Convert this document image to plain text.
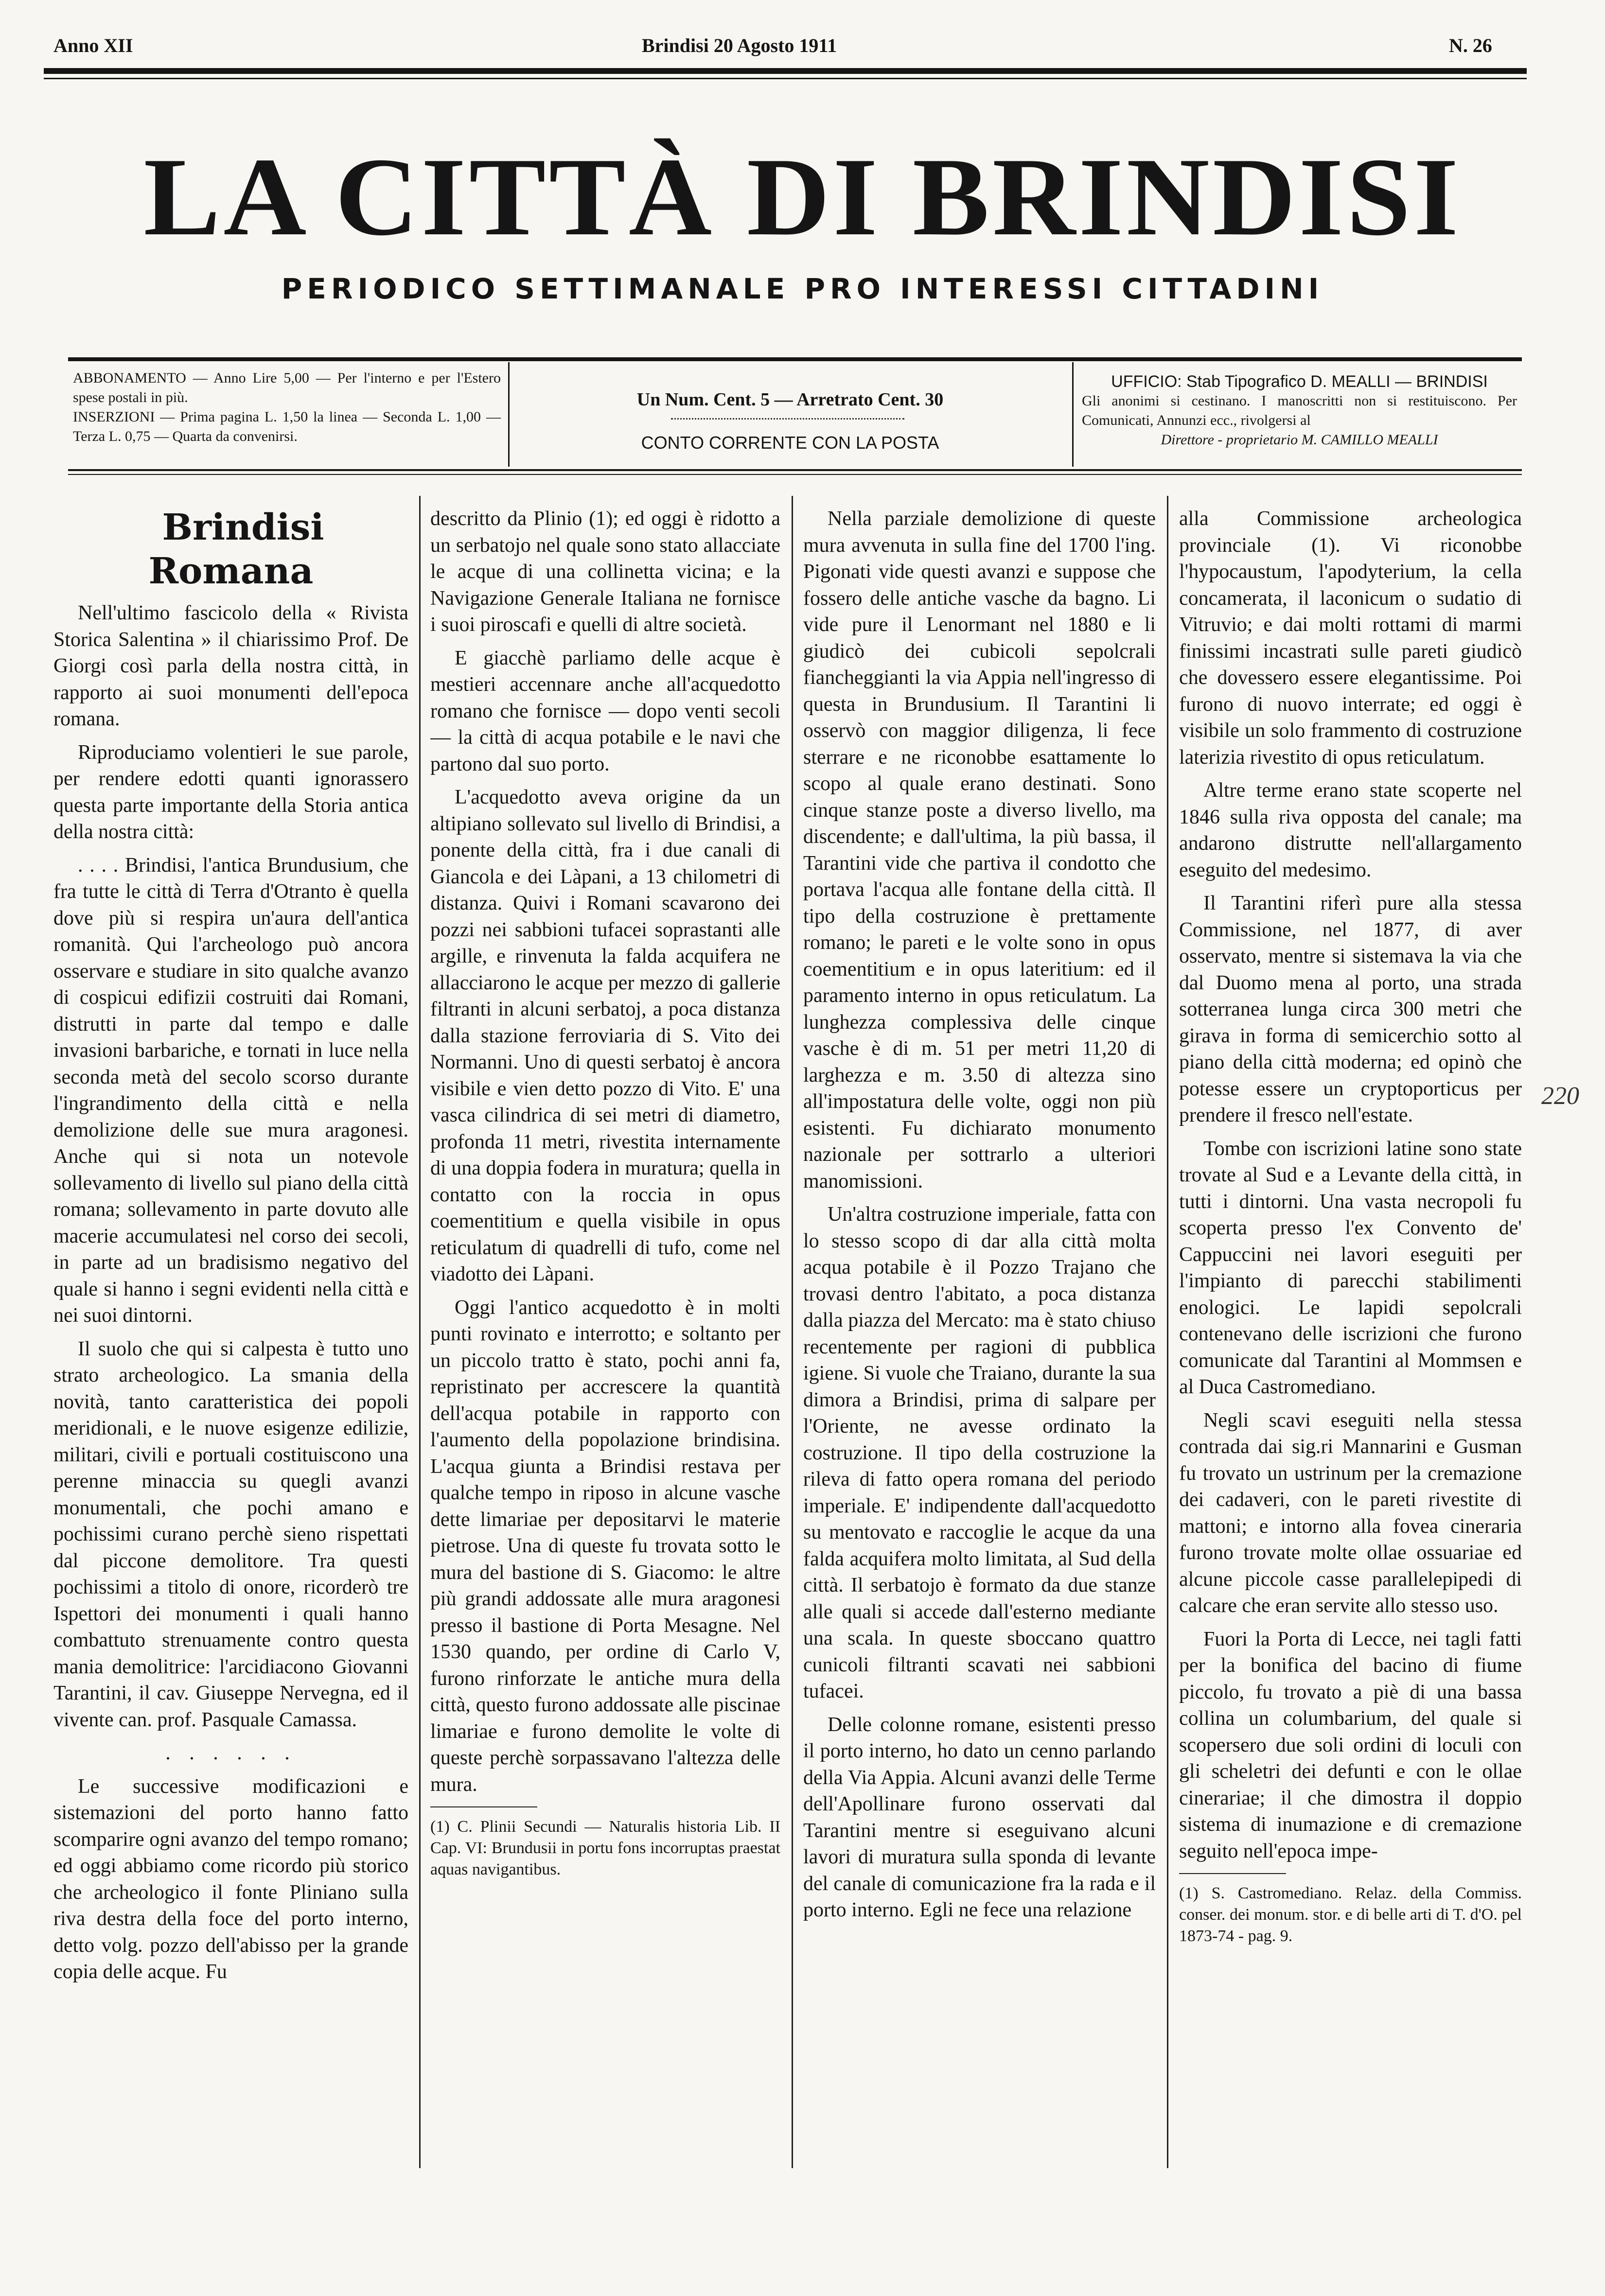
Anno XII	Brindisi 20 Agosto 1911	N. 26
LA CITTÀ DI BRINDISI
PERIODICO SETTIMANALE PRO INTERESSI CITTADINI
ABBONAMENTO — Anno Lire 5,00 — Per l'interno e per l'Estero spese postali in più.
INSERZIONI — Prima pagina L. 1,50 la linea — Seconda L. 1,00 — Terza L. 0,75 — Quarta da convenirsi.
Un Num. Cent. 5 — Arretrato Cent. 30
CONTO CORRENTE CON LA POSTA
UFFICIO: Stab Tipografico D. MEALLI — BRINDISI
Gli anonimi si cestinano. I manoscritti non si restituiscono. Per Comunicati, Annunzi ecc., rivolgersi al
Direttore - proprietario M. CAMILLO MEALLI

Brindisi Romana

Nell'ultimo fascicolo della « Rivista Storica Salentina » il chiarissimo Prof. De Giorgi così parla della nostra città, in rapporto ai suoi monumenti dell'epoca romana.

Riproduciamo volentieri le sue parole, per rendere edotti quanti ignorassero questa parte importante della Storia antica della nostra città:

. . . . Brindisi, l'antica Brundusium, che fra tutte le città di Terra d'Otranto è quella dove più si respira un'aura dell'antica romanità. Qui l'archeologo può ancora osservare e studiare in sito qualche avanzo di cospicui edifizii costruiti dai Romani, distrutti in parte dal tempo e dalle invasioni barbariche, e tornati in luce nella seconda metà del secolo scorso durante l'ingrandimento della città e nella demolizione delle sue mura aragonesi. Anche qui si nota un notevole sollevamento di livello sul piano della città romana; sollevamento in parte dovuto alle macerie accumulatesi nel corso dei secoli, in parte ad un bradisismo negativo del quale si hanno i segni evidenti nella città e nei suoi dintorni.

Il suolo che qui si calpesta è tutto uno strato archeologico. La smania della novità, tanto caratteristica dei popoli meridionali, e le nuove esigenze edilizie, militari, civili e portuali costituiscono una perenne minaccia su quegli avanzi monumentali, che pochi amano e pochissimi curano perchè sieno rispettati dal piccone demolitore. Tra questi pochissimi a titolo di onore, ricorderò tre Ispettori dei monumenti i quali hanno combattuto strenuamente contro questa mania demolitrice: l'arcidiacono Giovanni Tarantini, il cav. Giuseppe Nervegna, ed il vivente can. prof. Pasquale Camassa.

. . . . . .

Le successive modificazioni e sistemazioni del porto hanno fatto scomparire ogni avanzo del tempo romano; ed oggi abbiamo come ricordo più storico che archeologico il fonte Pliniano sulla riva destra della foce del porto interno, detto volg. pozzo dell'abisso per la grande copia delle acque. Fu

descritto da Plinio (1); ed oggi è ridotto a un serbatojo nel quale sono stato allacciate le acque di una collinetta vicina; e la Navigazione Generale Italiana ne fornisce i suoi piroscafi e quelli di altre società.

E giacchè parliamo delle acque è mestieri accennare anche all'acquedotto romano che fornisce — dopo venti secoli — la città di acqua potabile e le navi che partono dal suo porto.

L'acquedotto aveva origine da un altipiano sollevato sul livello di Brindisi, a ponente della città, fra i due canali di Giancola e dei Làpani, a 13 chilometri di distanza. Quivi i Romani scavarono dei pozzi nei sabbioni tufacei soprastanti alle argille, e rinvenuta la falda acquifera ne allacciarono le acque per mezzo di gallerie filtranti in alcuni serbatoj, a poca distanza dalla stazione ferroviaria di S. Vito dei Normanni. Uno di questi serbatoj è ancora visibile e vien detto pozzo di Vito. E' una vasca cilindrica di sei metri di diametro, profonda 11 metri, rivestita internamente di una doppia fodera in muratura; quella in contatto con la roccia in opus coementitium e quella visibile in opus reticulatum di quadrelli di tufo, come nel viadotto dei Làpani.

Oggi l'antico acquedotto è in molti punti rovinato e interrotto; e soltanto per un piccolo tratto è stato, pochi anni fa, repristinato per accrescere la quantità dell'acqua potabile in rapporto con l'aumento della popolazione brindisina. L'acqua giunta a Brindisi restava per qualche tempo in riposo in alcune vasche dette limariae per depositarvi le materie pietrose. Una di queste fu trovata sotto le mura del bastione di S. Giacomo: le altre più grandi addossate alle mura aragonesi presso il bastione di Porta Mesagne. Nel 1530 quando, per ordine di Carlo V, furono rinforzate le antiche mura della città, questo furono addossate alle piscinae limariae e furono demolite le volte di queste perchè sorpassavano l'altezza delle mura.

(1) C. Plinii Secundi — Naturalis historia Lib. II Cap. VI: Brundusii in portu fons incorruptas praestat aquas navigantibus.

Nella parziale demolizione di queste mura avvenuta in sulla fine del 1700 l'ing. Pigonati vide questi avanzi e suppose che fossero delle antiche vasche da bagno. Li vide pure il Lenormant nel 1880 e li giudicò dei cubicoli sepolcrali fiancheggianti la via Appia nell'ingresso di questa in Brundusium. Il Tarantini li osservò con maggior diligenza, li fece sterrare e ne riconobbe esattamente lo scopo al quale erano destinati. Sono cinque stanze poste a diverso livello, ma discendente; e dall'ultima, la più bassa, il Tarantini vide che partiva il condotto che portava l'acqua alle fontane della città. Il tipo della costruzione è prettamente romano; le pareti e le volte sono in opus coementitium e in opus lateritium: ed il paramento interno in opus reticulatum. La lunghezza complessiva delle cinque vasche è di m. 51 per metri 11,20 di larghezza e m. 3.50 di altezza sino all'impostatura delle volte, oggi non più esistenti. Fu dichiarato monumento nazionale per sottrarlo a ulteriori manomissioni.

Un'altra costruzione imperiale, fatta con lo stesso scopo di dar alla città molta acqua potabile è il Pozzo Trajano che trovasi dentro l'abitato, a poca distanza dalla piazza del Mercato: ma è stato chiuso recentemente per ragioni di pubblica igiene. Si vuole che Traiano, durante la sua dimora a Brindisi, prima di salpare per l'Oriente, ne avesse ordinato la costruzione. Il tipo della costruzione la rileva di fatto opera romana del periodo imperiale. E' indipendente dall'acquedotto su mentovato e raccoglie le acque da una falda acquifera molto limitata, al Sud della città. Il serbatojo è formato da due stanze alle quali si accede dall'esterno mediante una scala. In queste sboccano quattro cunicoli filtranti scavati nei sabbioni tufacei.

Delle colonne romane, esistenti presso il porto interno, ho dato un cenno parlando della Via Appia. Alcuni avanzi delle Terme dell'Apollinare furono osservati dal Tarantini mentre si eseguivano alcuni lavori di muratura sulla sponda di levante del canale di comunicazione fra la rada e il porto interno. Egli ne fece una relazione

alla Commissione archeologica provinciale (1). Vi riconobbe l'hypocaustum, l'apodyterium, la cella concamerata, il laconicum o sudatio di Vitruvio; e dai molti rottami di marmi finissimi incastrati sulle pareti giudicò che dovessero essere elegantissime. Poi furono di nuovo interrate; ed oggi è visibile un solo frammento di costruzione laterizia rivestito di opus reticulatum.

Altre terme erano state scoperte nel 1846 sulla riva opposta del canale; ma andarono distrutte nell'allargamento eseguito del medesimo.

Il Tarantini riferì pure alla stessa Commissione, nel 1877, di aver osservato, mentre si sistemava la via che dal Duomo mena al porto, una strada sotterranea lunga circa 300 metri che girava in forma di semicerchio sotto al piano della città moderna; ed opinò che potesse essere un cryptoporticus per prendere il fresco nell'estate.

Tombe con iscrizioni latine sono state trovate al Sud e a Levante della città, in tutti i dintorni. Una vasta necropoli fu scoperta presso l'ex Convento de' Cappuccini nei lavori eseguiti per l'impianto di parecchi stabilimenti enologici. Le lapidi sepolcrali contenevano delle iscrizioni che furono comunicate dal Tarantini al Mommsen e al Duca Castromediano.

Negli scavi eseguiti nella stessa contrada dai sig.ri Mannarini e Gusman fu trovato un ustrinum per la cremazione dei cadaveri, con le pareti rivestite di mattoni; e intorno alla fovea cineraria furono trovate molte ollae ossuariae ed alcune piccole casse parallelepipedi di calcare che eran servite allo stesso uso.

Fuori la Porta di Lecce, nei tagli fatti per la bonifica del bacino di fiume piccolo, fu trovato a piè di una bassa collina un columbarium, del quale si scopersero due soli ordini di loculi con gli scheletri dei defunti e con le ollae cinerariae; il che dimostra il doppio sistema di inumazione e di cremazione seguito nell'epoca impe-

(1) S. Castromediano. Relaz. della Commiss. conser. dei monum. stor. e di belle arti di T. d'O. pel 1873-74 - pag. 9.

220
